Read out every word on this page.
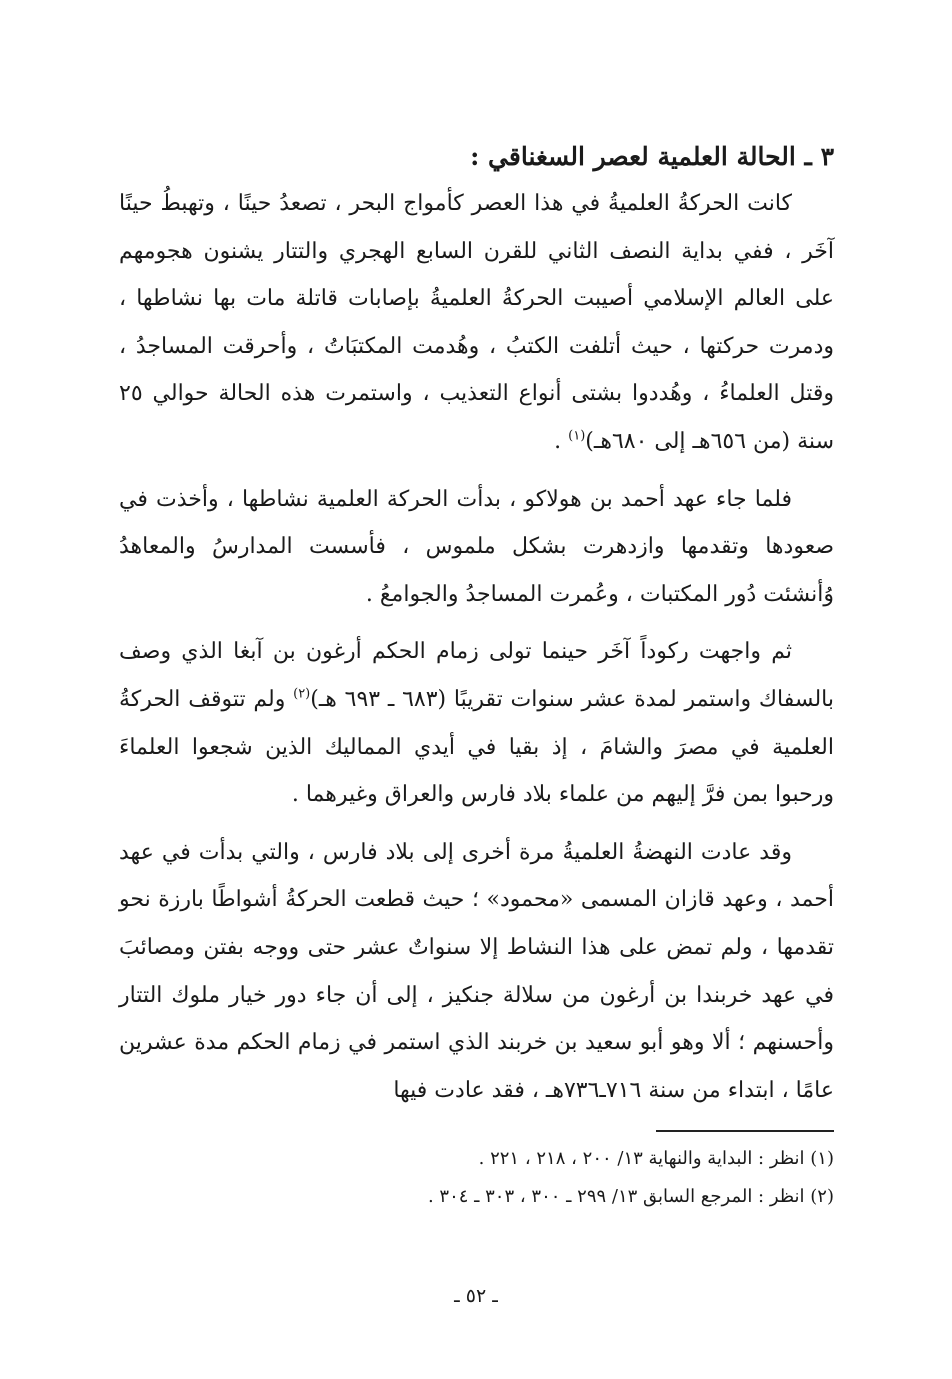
٣ ـ الحالة العلمية لعصر السغناقي :

كانت الحركةُ العلميةُ في هذا العصر كأمواج البحر ، تصعدُ حينًا ، وتهبطُ حينًا آخَر ، ففي بداية النصف الثاني للقرن السابع الهجري والتتار يشنون هجومهم على العالم الإسلامي أصيبت الحركةُ العلميةُ بإصابات قاتلة مات بها نشاطها ، ودمرت حركتها ، حيث أتلفت الكتبُ ، وهُدمت المكتبَاتُ ، وأحرقت المساجدُ ، وقتل العلماءُ ، وهُددوا بشتى أنواع التعذيب ، واستمرت هذه الحالة حوالي ٢٥ سنة (من ٦٥٦هـ إلى ٦٨٠هـ)$^{(١)}$ .

فلما جاء عهد أحمد بن هولاكو ، بدأت الحركة العلمية نشاطها ، وأخذت في صعودها وتقدمها وازدهرت بشكل ملموس ، فأسست المدارسُ والمعاهدُ وُأنشئت دُور المكتبات ، وعُمرت المساجدُ والجوامعُ .

ثم واجهت ركوداً آخَر حينما تولى زمام الحكم أرغون بن آبغا الذي وصف بالسفاك واستمر لمدة عشر سنوات تقريبًا (٦٨٣ ـ ٦٩٣ هـ)$^{(٢)}$ ولم تتوقف الحركةُ العلمية في مصرَ والشامَ ، إذ بقيا في أيدي المماليك الذين شجعوا العلماءَ ورحبوا بمن فرَّ إليهم من علماء بلاد فارس والعراق وغيرهما .

وقد عادت النهضةُ العلميةُ مرة أخرى إلى بلاد فارس ، والتي بدأت في عهد أحمد ، وعهد قازان المسمى «محمود» ؛ حيث قطعت الحركةُ أشواطًا بارزة نحو تقدمها ، ولم تمض على هذا النشاط إلا سنواتٌ عشر حتى ووجه بفتن ومصائبَ في عهد خربندا بن أرغون من سلالة جنكيز ، إلى أن جاء دور خيار ملوك التتار وأحسنهم ؛ ألا وهو أبو سعيد بن خربند الذي استمر في زمام الحكم مدة عشرين عامًا ، ابتداء من سنة ٧١٦ـ٧٣٦هـ ، فقد عادت فيها

(١) انظر : البداية والنهاية ١٣/ ٢٠٠ ، ٢١٨ ، ٢٢١ .
(٢) انظر : المرجع السابق ١٣/ ٢٩٩ ـ ٣٠٠ ، ٣٠٣ ـ ٣٠٤ .
ـ ٥٢ ـ
